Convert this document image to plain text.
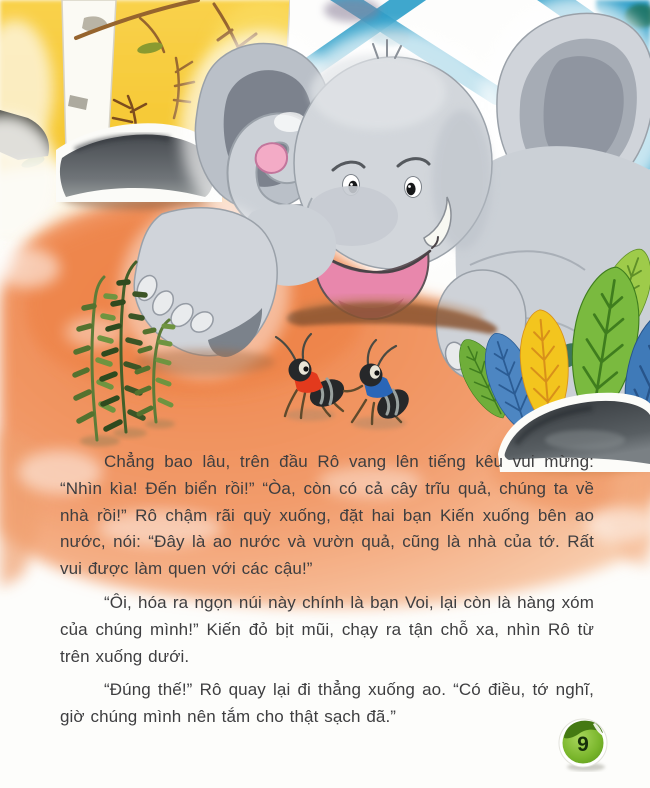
Chẳng bao lâu, trên đầu Rô vang lên tiếng kêu vui mừng: “Nhìn kìa! Đến biển rồi!” “Òa, còn có cả cây trĩu quả, chúng ta về nhà rồi!” Rô chậm rãi quỳ xuống, đặt hai bạn Kiến xuống bên ao nước, nói: “Đây là ao nước và vườn quả, cũng là nhà của tớ. Rất vui được làm quen với các cậu!”

“Ôi, hóa ra ngọn núi này chính là bạn Voi, lại còn là hàng xóm của chúng mình!” Kiến đỏ bịt mũi, chạy ra tận chỗ xa, nhìn Rô từ trên xuống dưới.

“Đúng thế!” Rô quay lại đi thẳng xuống ao. “Có điều, tớ nghĩ, giờ chúng mình nên tắm cho thật sạch đã.”

9
